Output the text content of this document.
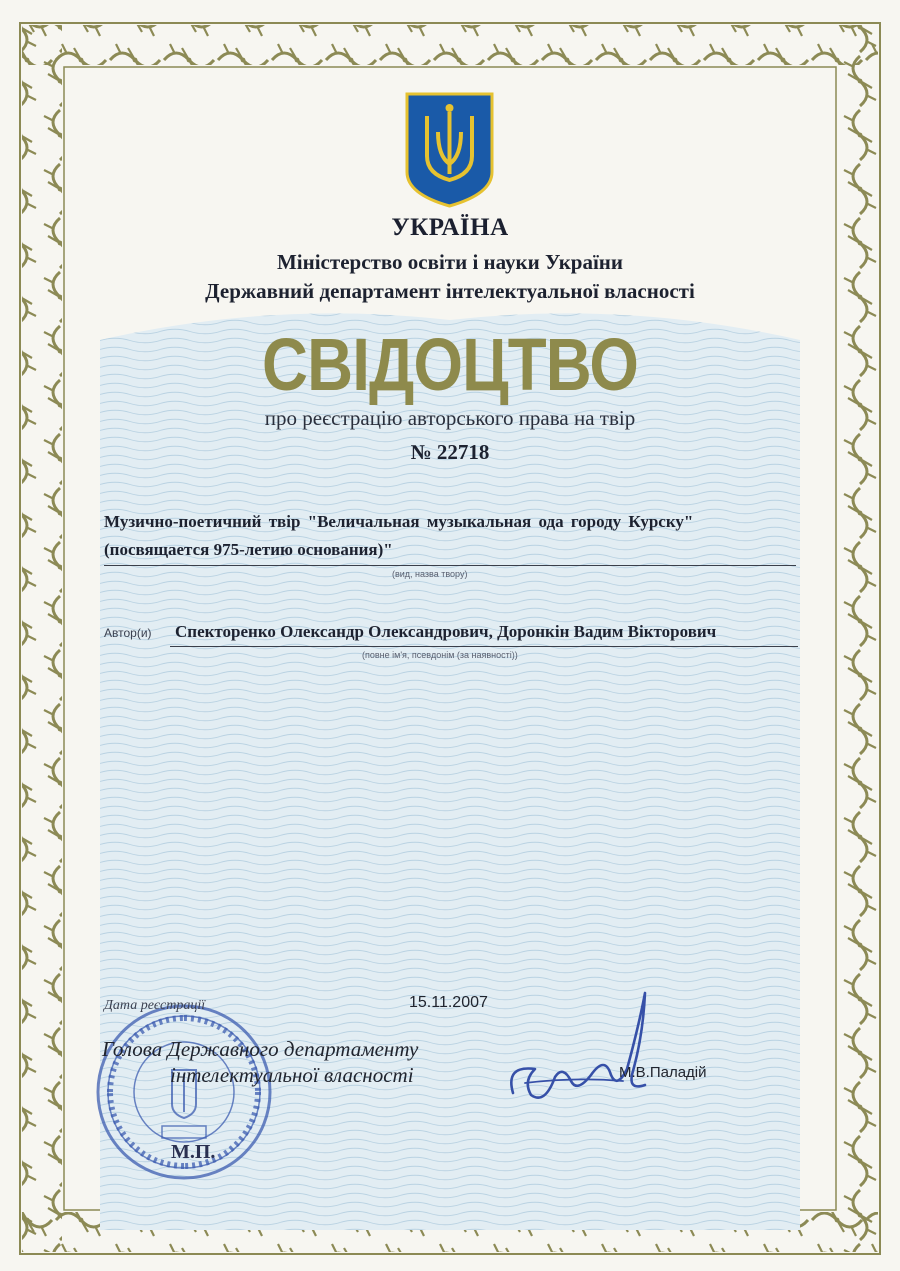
УКРАЇНА

Міністерство освіти і науки України

Державний департамент інтелектуальної власності

СВІДОЦТВО

про реєстрацію авторського права на твір

№ 22718

Музично-поетичний твір "Величальная музыкальная ода городу Курску"

(посвящается 975-летию основания)"

(вид, назва твору)
Автор(и) Спекторенко Олександр Олександрович, Доронкін Вадим Вікторович
(повне ім'я, псевдонім (за наявності))
Дата реєстрації	15.11.2007
Голова Державного департаменту
інтелектуальної власності	М.В.Паладій
М.П.
